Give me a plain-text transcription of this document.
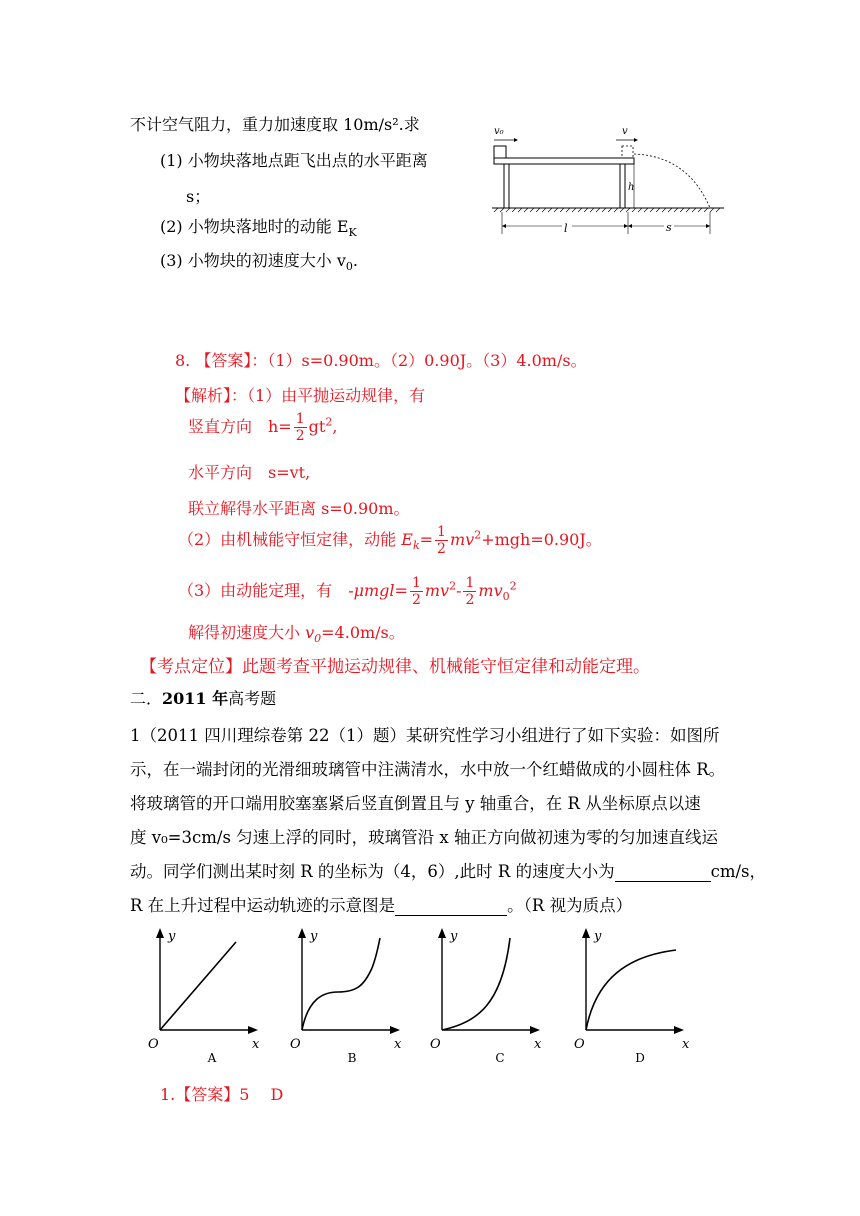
不计空气阻力，重力加速度取 10m/s².求
(1) 小物块落地点距飞出点的水平距离
s；
(2) 小物块落地时的动能 $E_K$
(3) 小物块的初速度大小 $v_0$.
v₀	v
h
l	s
8. 【答案】：（1）s=0.90m。（2）0.90J。（3）4.0m/s。
【解析】：（1）由平抛运动规律，有
竖直方向　$h= \frac{1}{2} gt^2$,
水平方向　s=vt,
联立解得水平距离 s=0.90m。
（2）由机械能守恒定律，动能 $E_k= \frac{1}{2} mv^2+mgh=0.90J$。
（3）由动能定理，有　$-\mu mgl= \frac{1}{2} mv^2- \frac{1}{2} mv_0^2$
解得初速度大小 $v_0=4.0m/s$。
【考点定位】此题考查平抛运动规律、机械能守恒定律和动能定理。
二．2011 年高考题
1（2011 四川理综卷第 22（1）题）某研究性学习小组进行了如下实验：如图所
示，在一端封闭的光滑细玻璃管中注满清水，水中放一个红蜡做成的小圆柱体 R。
将玻璃管的开口端用胶塞塞紧后竖直倒置且与 y 轴重合，在 R 从坐标原点以速
度 v₀=3cm/s 匀速上浮的同时，玻璃管沿 x 轴正方向做初速为零的匀加速直线运
动。同学们测出某时刻 R 的坐标为（4，6）,此时 R 的速度大小为	cm/s，
R 在上升过程中运动轨迹的示意图是	。（R 视为质点）
y
x
O
A
y
x
O
B
y
x
O
C
y
x
O
D
1.【答案】5　 D
